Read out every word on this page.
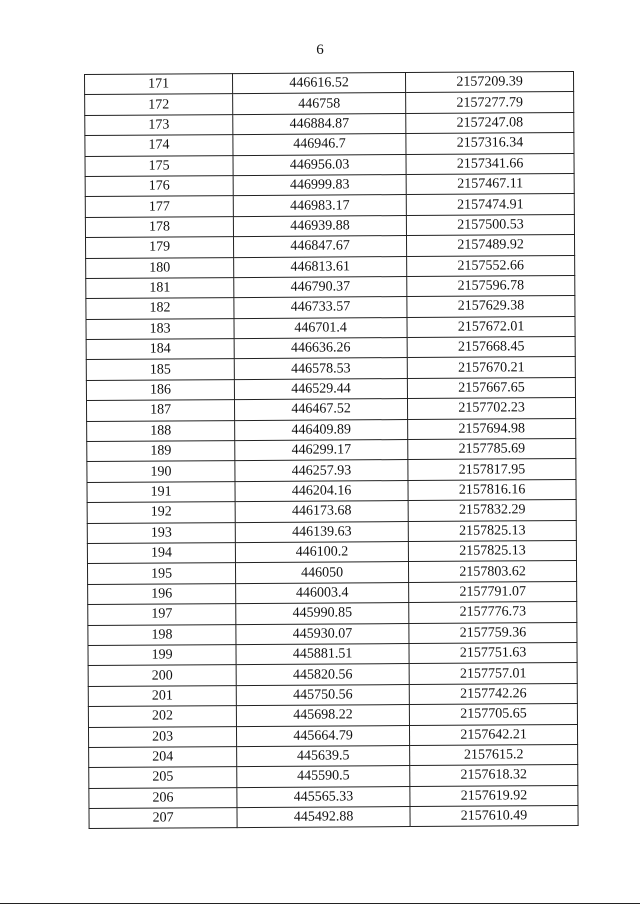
6
171	446616.52	2157209.39
172	446758	2157277.79
173	446884.87	2157247.08
174	446946.7	2157316.34
175	446956.03	2157341.66
176	446999.83	2157467.11
177	446983.17	2157474.91
178	446939.88	2157500.53
179	446847.67	2157489.92
180	446813.61	2157552.66
181	446790.37	2157596.78
182	446733.57	2157629.38
183	446701.4	2157672.01
184	446636.26	2157668.45
185	446578.53	2157670.21
186	446529.44	2157667.65
187	446467.52	2157702.23
188	446409.89	2157694.98
189	446299.17	2157785.69
190	446257.93	2157817.95
191	446204.16	2157816.16
192	446173.68	2157832.29
193	446139.63	2157825.13
194	446100.2	2157825.13
195	446050	2157803.62
196	446003.4	2157791.07
197	445990.85	2157776.73
198	445930.07	2157759.36
199	445881.51	2157751.63
200	445820.56	2157757.01
201	445750.56	2157742.26
202	445698.22	2157705.65
203	445664.79	2157642.21
204	445639.5	2157615.2
205	445590.5	2157618.32
206	445565.33	2157619.92
207	445492.88	2157610.49
